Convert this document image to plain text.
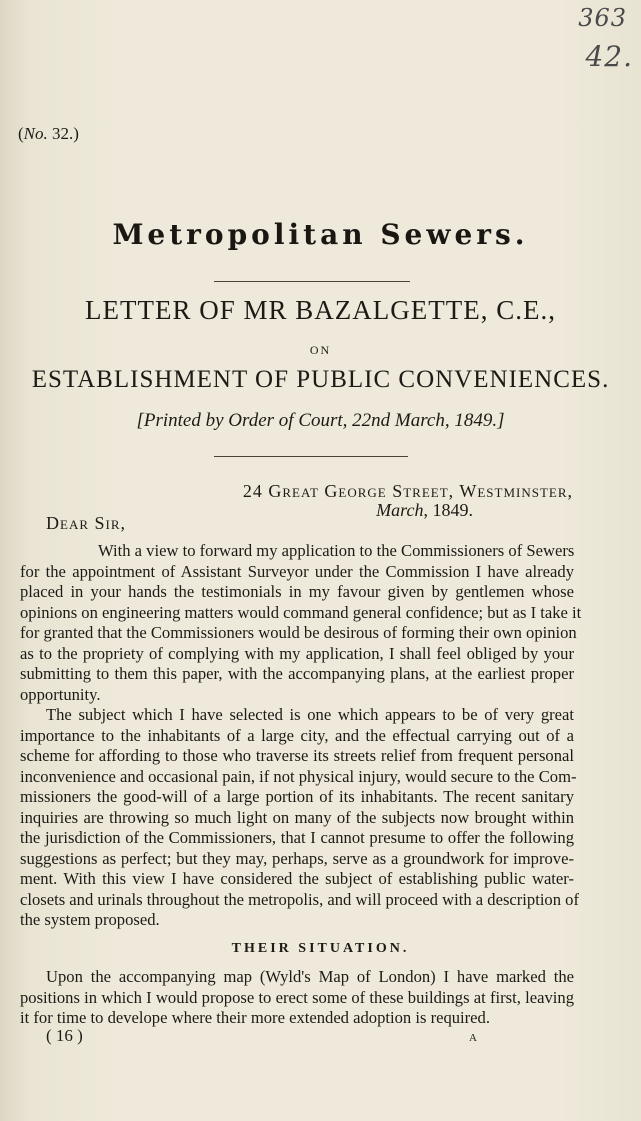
363
42.
(No. 32.)
Metropolitan Sewers.
LETTER OF MR BAZALGETTE, C.E.,
ON
ESTABLISHMENT OF PUBLIC CONVENIENCES.
[Printed by Order of Court, 22nd March, 1849.]
24 Great George Street, Westminster,
March, 1849.
Dear Sir,
With a view to forward my application to the Commissioners of Sewers
for the appointment of Assistant Surveyor under the Commission I have already
placed in your hands the testimonials in my favour given by gentlemen whose
opinions on engineering matters would command general confidence; but as I take it
for granted that the Commissioners would be desirous of forming their own opinion
as to the propriety of complying with my application, I shall feel obliged by your
submitting to them this paper, with the accompanying plans, at the earliest proper
opportunity.
The subject which I have selected is one which appears to be of very great
importance to the inhabitants of a large city, and the effectual carrying out of a
scheme for affording to those who traverse its streets relief from frequent personal
inconvenience and occasional pain, if not physical injury, would secure to the Com-
missioners the good-will of a large portion of its inhabitants. The recent sanitary
inquiries are throwing so much light on many of the subjects now brought within
the jurisdiction of the Commissioners, that I cannot presume to offer the following
suggestions as perfect; but they may, perhaps, serve as a groundwork for improve-
ment. With this view I have considered the subject of establishing public water-
closets and urinals throughout the metropolis, and will proceed with a description of
the system proposed.
THEIR SITUATION.
Upon the accompanying map (Wyld's Map of London) I have marked the
positions in which I would propose to erect some of these buildings at first, leaving
it for time to develope where their more extended adoption is required.
( 16 )	A
